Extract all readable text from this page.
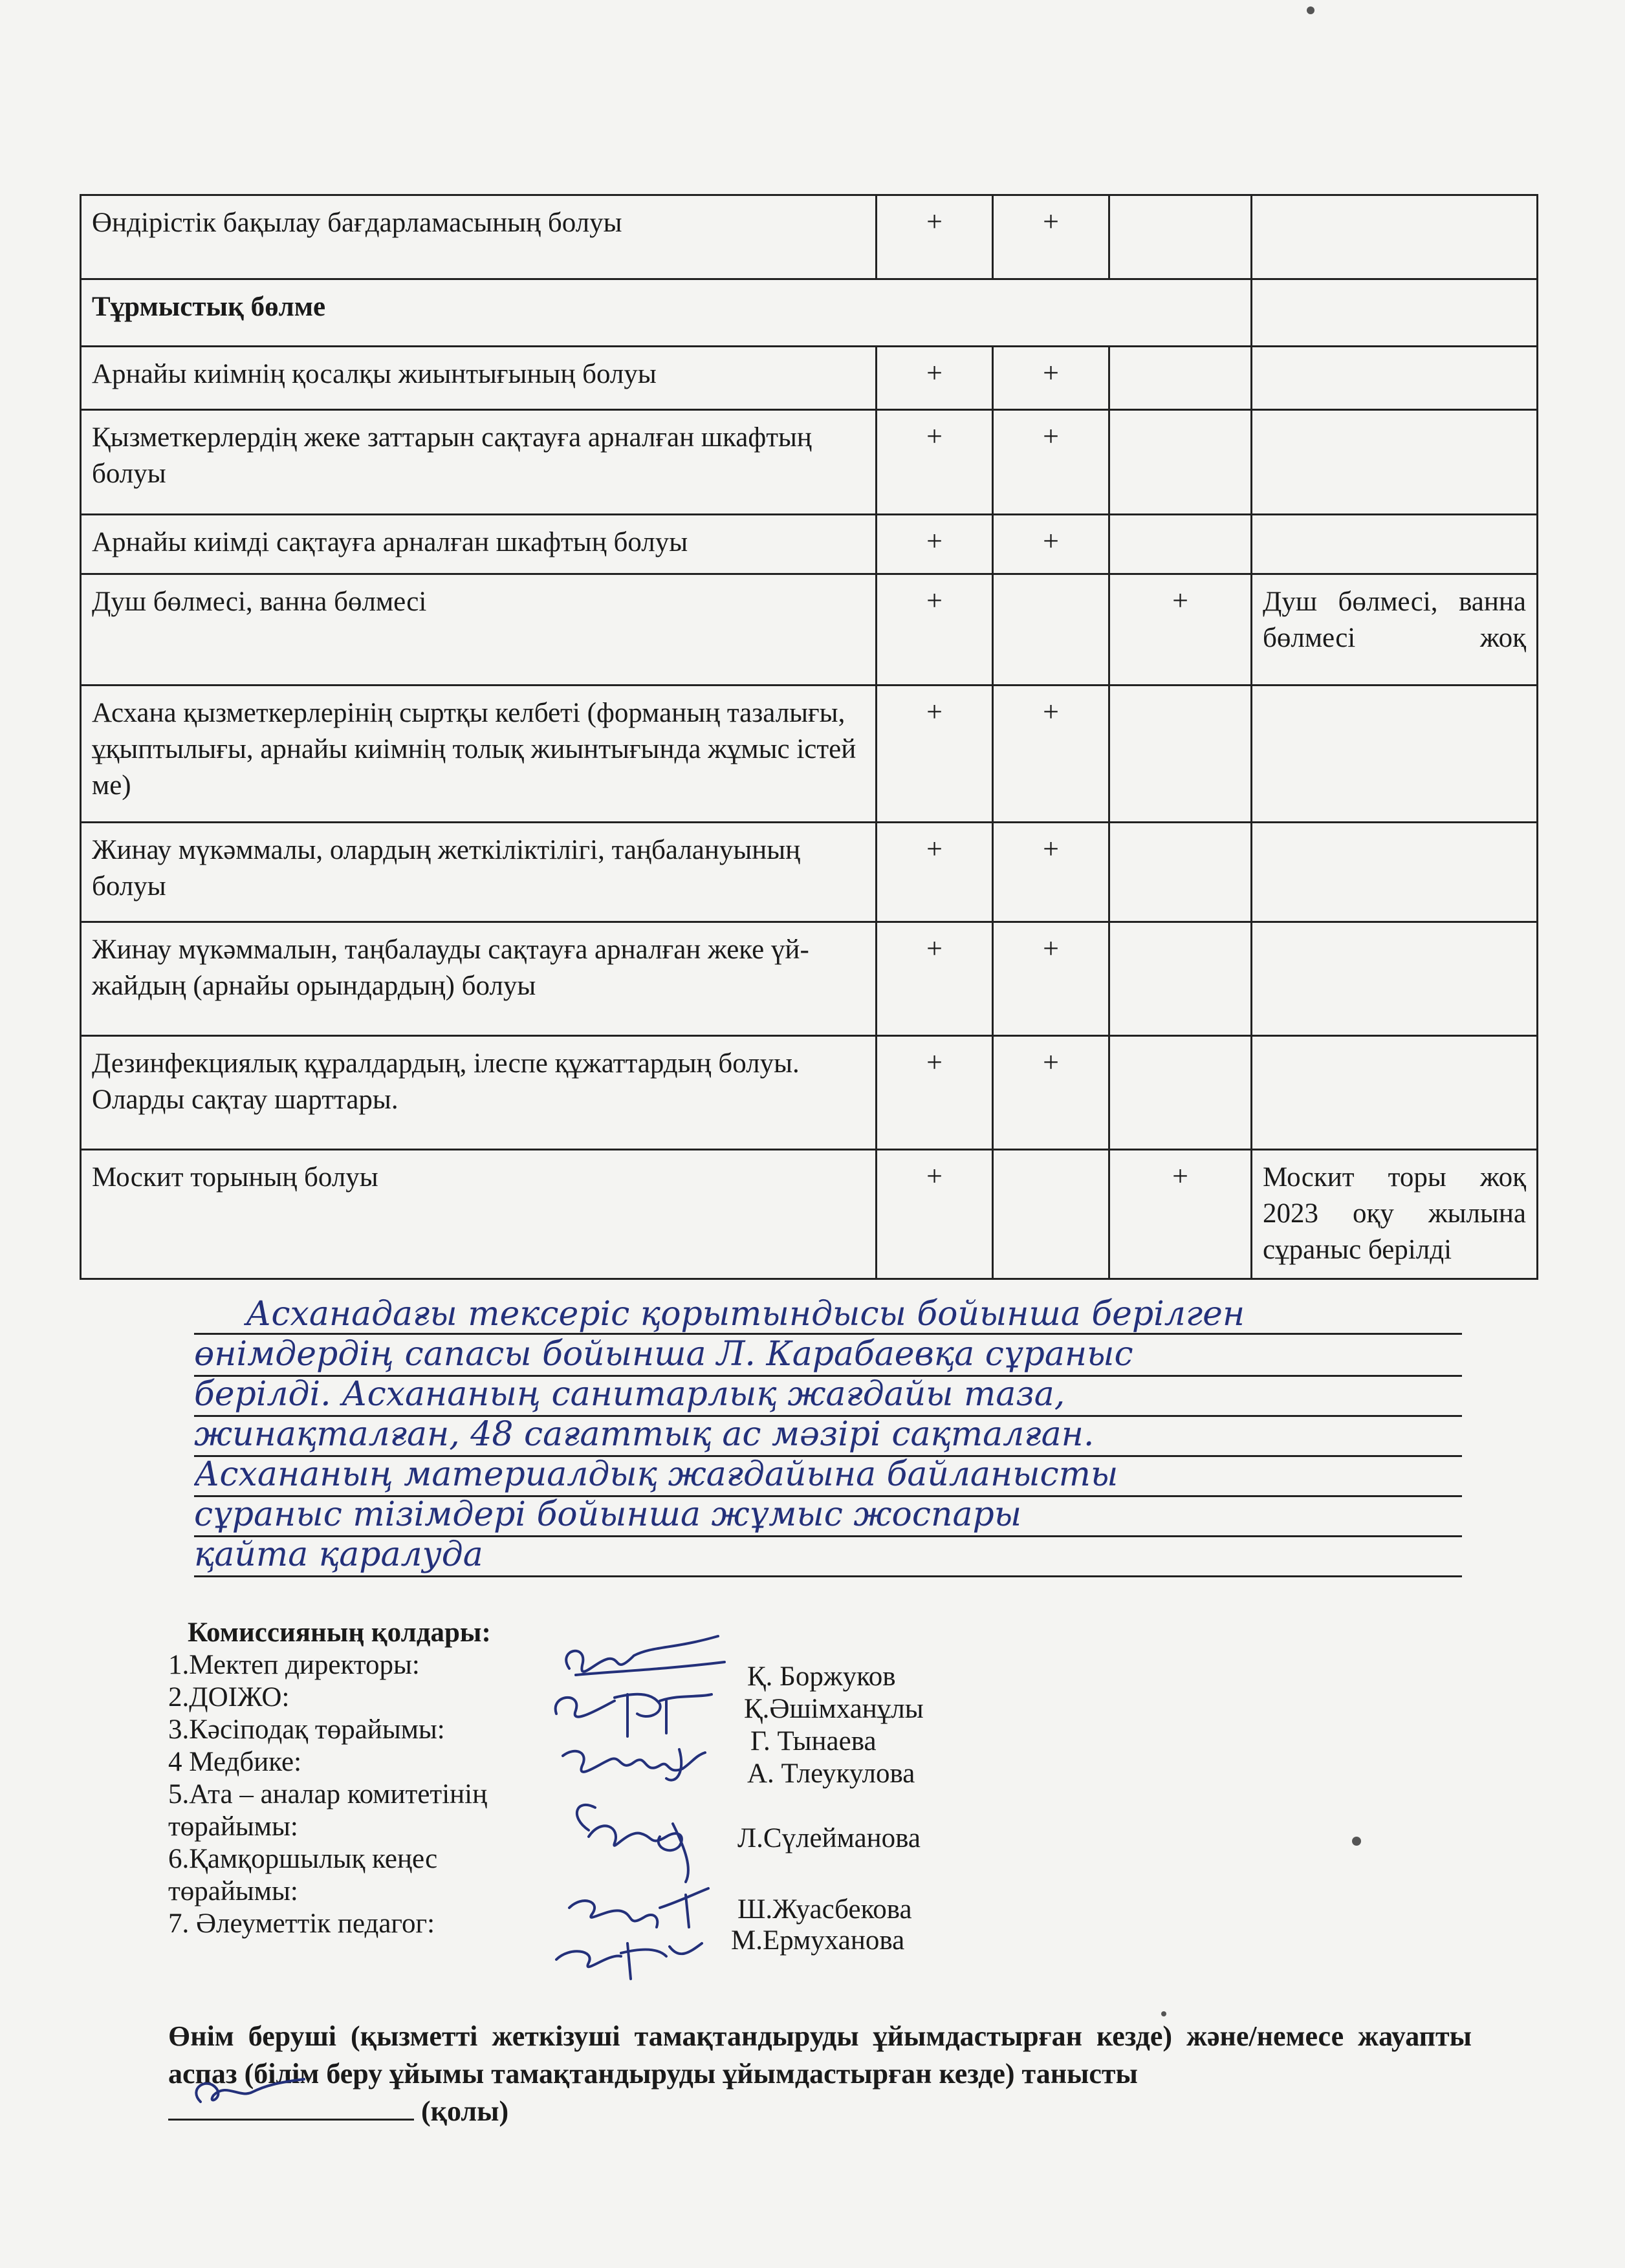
Өндірістік бақылау бағдарламасының болуы	+	+		
Тұрмыстық бөлме				
Арнайы киімнің қосалқы жиынтығының болуы	+	+		
Қызметкерлердің жеке заттарын сақтауға арналған шкафтың болуы	+	+		
Арнайы киімді сақтауға арналған шкафтың болуы	+	+		
Душ бөлмесі, ванна бөлмесі	+		+	Душ бөлмесі, ванна бөлмесі жоқ
Асхана қызметкерлерінің сыртқы келбеті (форманың тазалығы, ұқыптылығы, арнайы киімнің толық жиынтығында жұмыс істей ме)	+	+		
Жинау мүкәммалы, олардың жеткіліктілігі, таңбалануының болуы	+	+		
Жинау мүкәммалын, таңбалауды сақтауға арналған жеке үй-жайдың (арнайы орындардың) болуы	+	+		
Дезинфекциялық құралдардың, ілеспе құжаттардың болуы. Оларды сақтау шарттары.	+	+		
Москит торының болуы	+		+	Москит торы жоқ 2023 оқу жылына сұраныс берілді
Асханадағы тексеріс қорытындысы бойынша берілген
өнімдердің сапасы бойынша Л. Карабаевқа сұраныс
берілді. Асхананың санитарлық жағдайы таза,
жинақталған, 48 сағаттық ас мәзірі сақталған.
Асхананың материалдық жағдайына байланысты
сұраныс тізімдері бойынша жұмыс жоспары
қайта қаралуда
Комиссияның қолдары:
1.Мектеп директоры:
2.ДОІЖО:
3.Кәсіподақ төрайымы:
4 Медбике:
5.Ата – аналар комитетінің
төрайымы:
6.Қамқоршылық кеңес
төрайымы:
7. Әлеуметтік педагог:
Қ. Боржуков
Қ.Әшімханұлы
Г. Тынаева
А. Тлеукулова
Л.Сүлейманова
Ш.Жуасбекова
М.Ермуханова
Өнім беруші (қызметті жеткізуші тамақтандыруды ұйымдастырған кезде) және/немесе жауапты аспаз (білім беру ұйымы тамақтандыруды ұйымдастырған кезде) танысты

(қолы)
